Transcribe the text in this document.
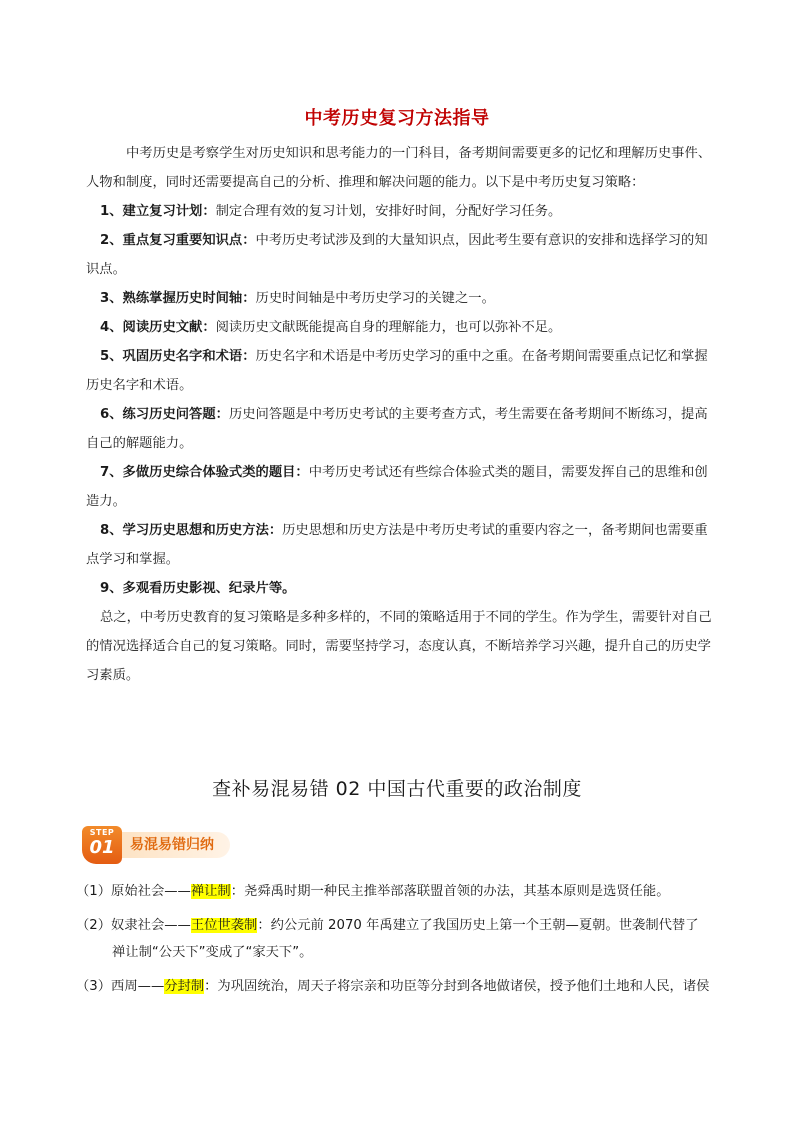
中考历史复习方法指导

中考历史是考察学生对历史知识和思考能力的一门科目，备考期间需要更多的记忆和理解历史事件、人物和制度，同时还需要提高自己的分析、推理和解决问题的能力。以下是中考历史复习策略：

1、建立复习计划：制定合理有效的复习计划，安排好时间，分配好学习任务。

2、重点复习重要知识点：中考历史考试涉及到的大量知识点，因此考生要有意识的安排和选择学习的知识点。

3、熟练掌握历史时间轴：历史时间轴是中考历史学习的关键之一。

4、阅读历史文献：阅读历史文献既能提高自身的理解能力，也可以弥补不足。

5、巩固历史名字和术语：历史名字和术语是中考历史学习的重中之重。在备考期间需要重点记忆和掌握历史名字和术语。

6、练习历史问答题：历史问答题是中考历史考试的主要考查方式，考生需要在备考期间不断练习，提高自己的解题能力。

7、多做历史综合体验式类的题目：中考历史考试还有些综合体验式类的题目，需要发挥自己的思维和创造力。

8、学习历史思想和历史方法：历史思想和历史方法是中考历史考试的重要内容之一，备考期间也需要重点学习和掌握。

9、多观看历史影视、纪录片等。

总之，中考历史教育的复习策略是多种多样的，不同的策略适用于不同的学生。作为学生，需要针对自己的情况选择适合自己的复习策略。同时，需要坚持学习，态度认真，不断培养学习兴趣，提升自己的历史学习素质。

查补易混易错 02 中国古代重要的政治制度
STEP
01	易混易错归纳

（1）原始社会——禅让制：尧舜禹时期一种民主推举部落联盟首领的办法，其基本原则是选贤任能。

（2）奴隶社会——王位世袭制：约公元前 2070 年禹建立了我国历史上第一个王朝—夏朝。世袭制代替了
禅让制“公天下”变成了“家天下”。

（3）西周——分封制：为巩固统治，周天子将宗亲和功臣等分封到各地做诸侯，授予他们土地和人民，诸侯
